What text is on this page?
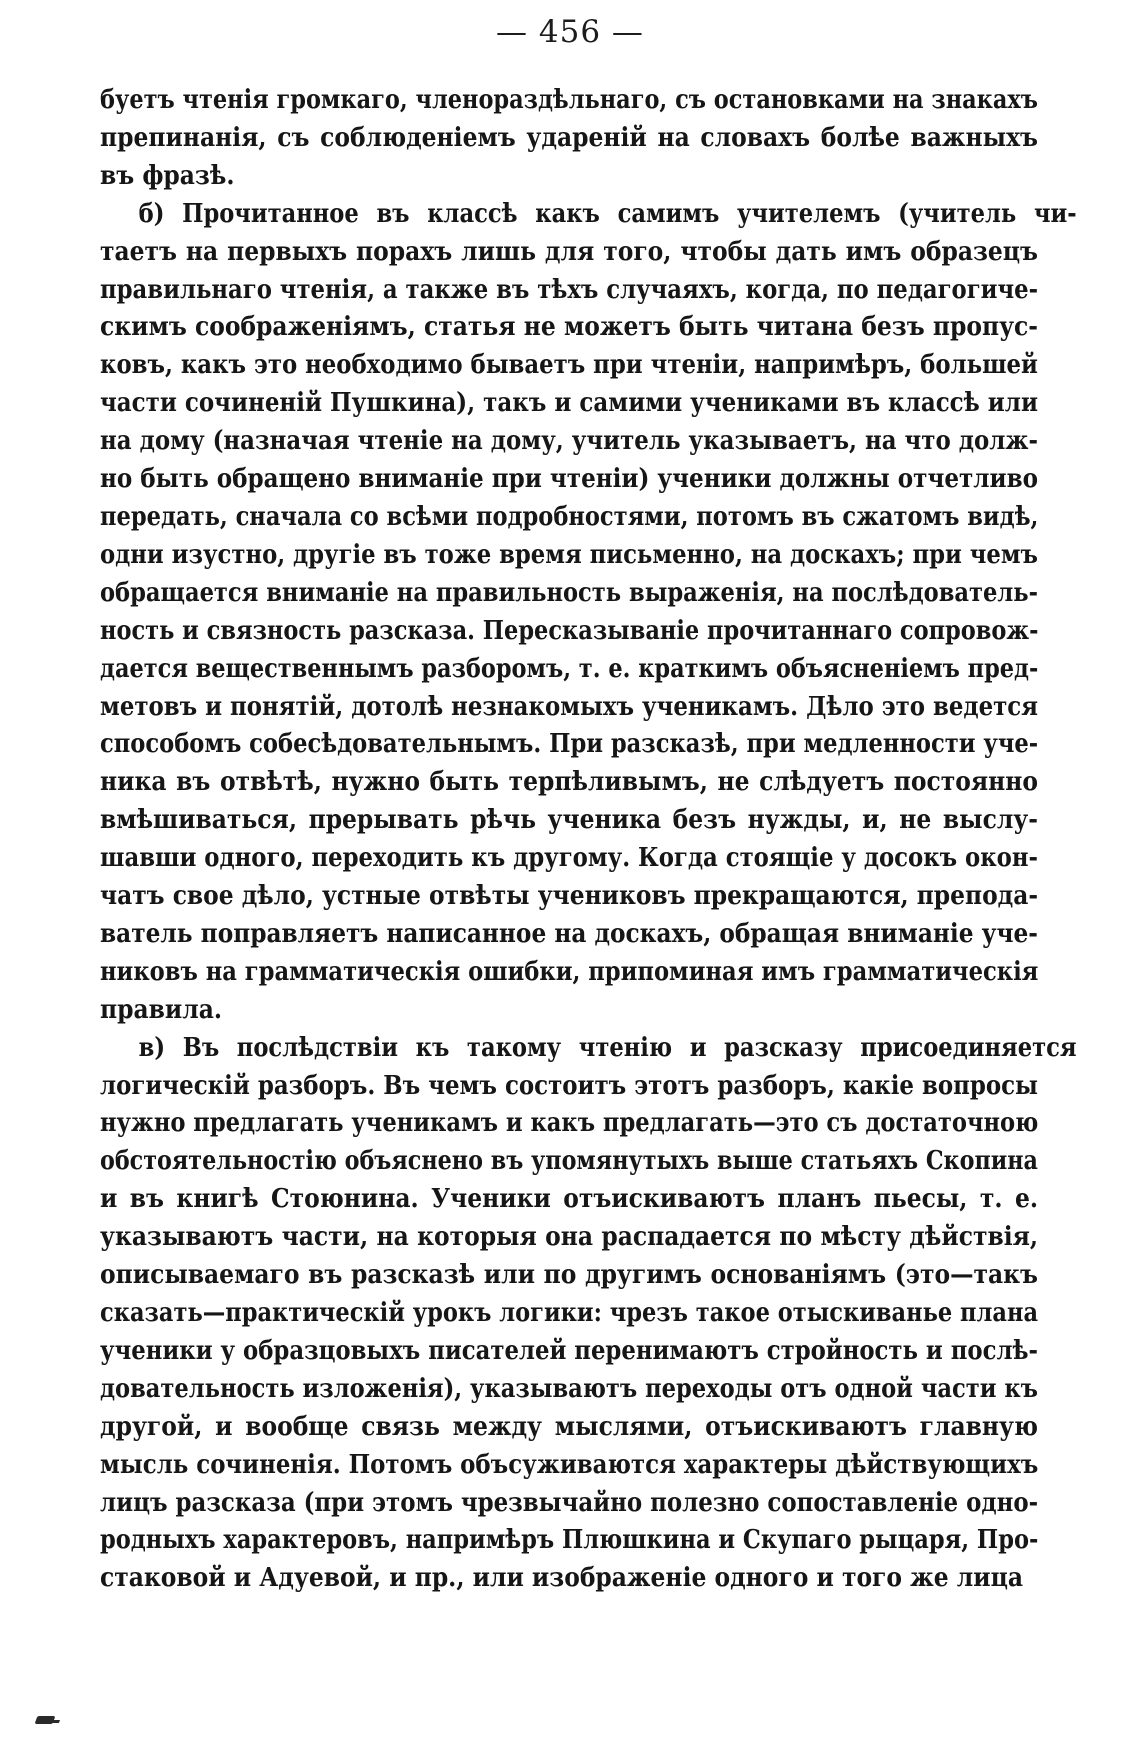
— 456 —
буетъ чтенія громкаго, членораздѣльнаго, съ остановками на знакахъ
препинанія, съ соблюденіемъ удареній на словахъ болѣе важныхъ
въ фразѣ.
б) Прочитанное въ классѣ какъ самимъ учителемъ (учитель чи-
таетъ на первыхъ порахъ лишь для того, чтобы дать имъ образецъ
правильнаго чтенія, а также въ тѣхъ случаяхъ, когда, по педагогиче-
скимъ соображеніямъ, статья не можетъ быть читана безъ пропус-
ковъ, какъ это необходимо бываетъ при чтеніи, напримѣръ, большей
части сочиненій Пушкина), такъ и самими учениками въ классѣ или
на дому (назначая чтеніе на дому, учитель указываетъ, на что долж-
но быть обращено вниманіе при чтеніи) ученики должны отчетливо
передать, сначала со всѣми подробностями, потомъ въ сжатомъ видѣ,
одни изустно, другіе въ тоже время письменно, на доскахъ; при чемъ
обращается вниманіе на правильность выраженія, на послѣдователь-
ность и связность разсказа. Пересказываніе прочитаннаго сопровож-
дается вещественнымъ разборомъ, т. е. краткимъ объясненіемъ пред-
метовъ и понятій, дотолѣ незнакомыхъ ученикамъ. Дѣло это ведется
способомъ собесѣдовательнымъ. При разсказѣ, при медленности уче-
ника въ отвѣтѣ, нужно быть терпѣливымъ, не слѣдуетъ постоянно
вмѣшиваться, прерывать рѣчь ученика безъ нужды, и, не выслу-
шавши одного, переходить къ другому. Когда стоящіе у досокъ окон-
чатъ свое дѣло, устные отвѣты учениковъ прекращаются, препода-
ватель поправляетъ написанное на доскахъ, обращая вниманіе уче-
никовъ на грамматическія ошибки, припоминая имъ грамматическія
правила.
в) Въ послѣдствіи къ такому чтенію и разсказу присоединяется
логическій разборъ. Въ чемъ состоитъ этотъ разборъ, какіе вопросы
нужно предлагать ученикамъ и какъ предлагать—это съ достаточною
обстоятельностію объяснено въ упомянутыхъ выше статьяхъ Скопина
и въ книгѣ Стоюнина. Ученики отъискиваютъ планъ пьесы, т. е.
указываютъ части, на которыя она распадается по мѣсту дѣйствія,
описываемаго въ разсказѣ или по другимъ основаніямъ (это—такъ
сказать—практическій урокъ логики: чрезъ такое отыскиванье плана
ученики у образцовыхъ писателей перенимаютъ стройность и послѣ-
довательность изложенія), указываютъ переходы отъ одной части къ
другой, и вообще связь между мыслями, отъискиваютъ главную
мысль сочиненія. Потомъ объсуживаются характеры дѣйствующихъ
лицъ разсказа (при этомъ чрезвычайно полезно сопоставленіе одно-
родныхъ характеровъ, напримѣръ Плюшкина и Скупаго рыцаря, Про-
стаковой и Адуевой, и пр., или изображеніе одного и того же лица
